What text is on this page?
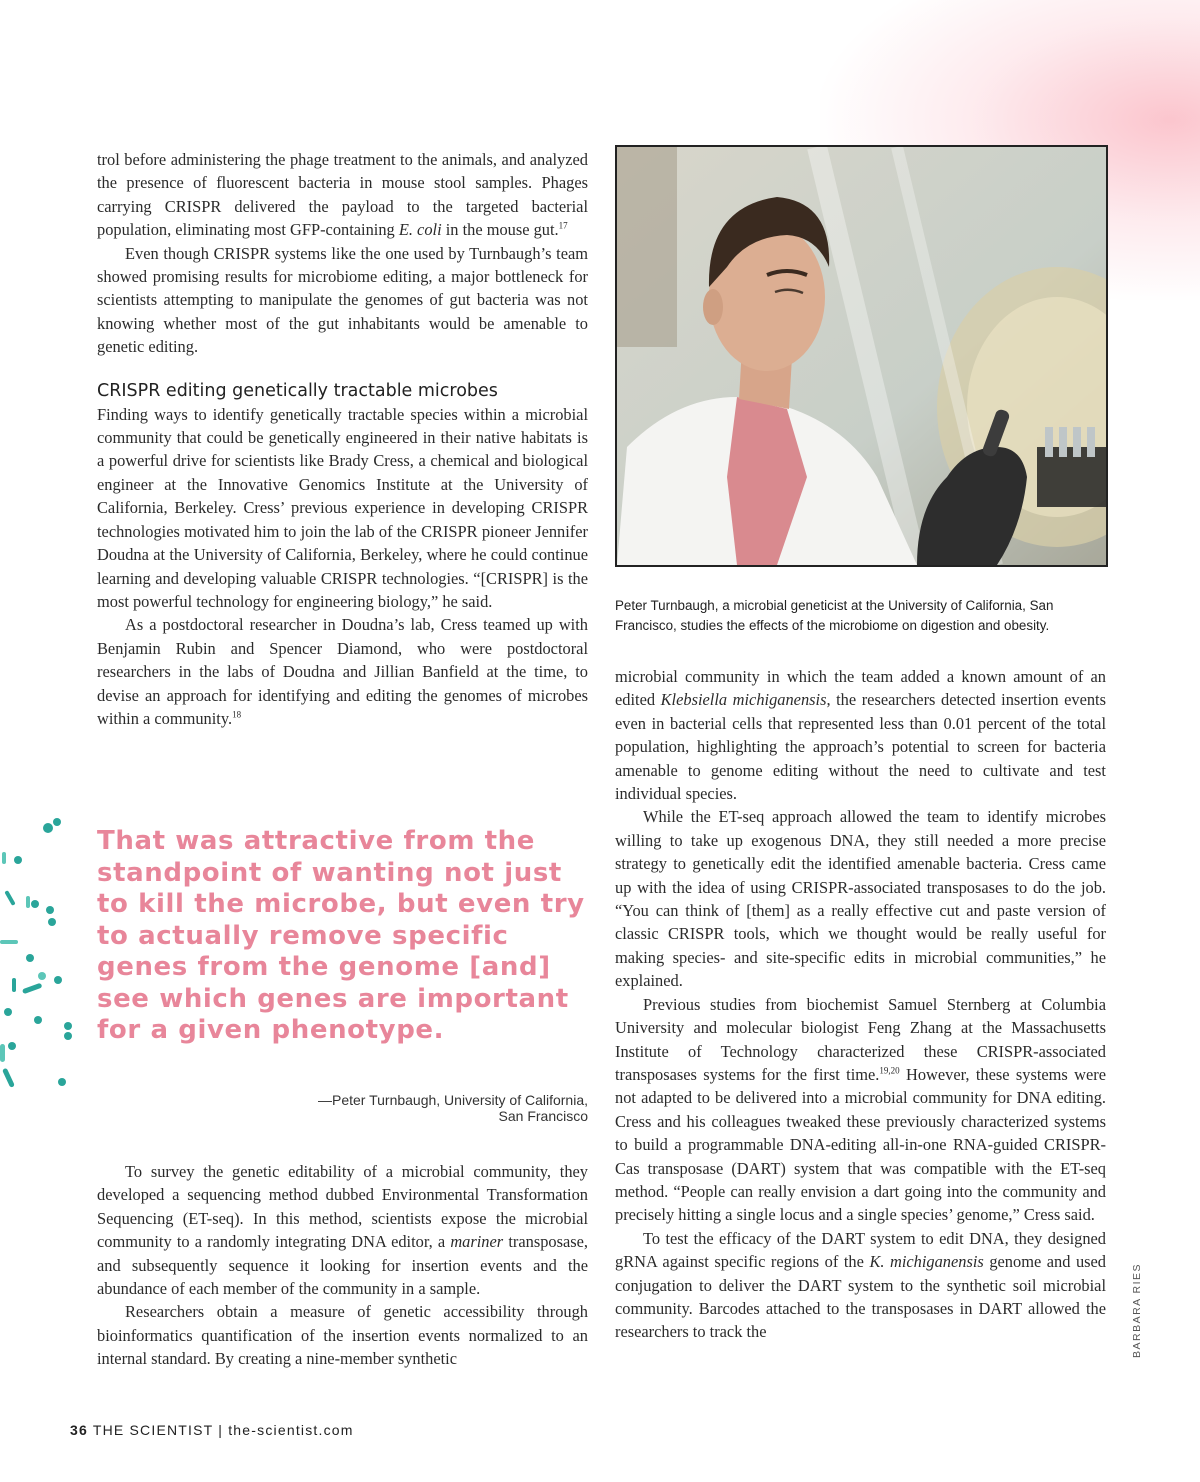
trol before administering the phage treatment to the animals, and analyzed the presence of fluorescent bacteria in mouse stool samples. Phages carrying CRISPR delivered the payload to the targeted bacterial population, eliminating most GFP-containing E. coli in the mouse gut.$^{17}$

Even though CRISPR systems like the one used by Turnbaugh’s team showed promising results for microbiome editing, a major bottleneck for scientists attempting to manipulate the genomes of gut bacteria was not knowing whether most of the gut inhabitants would be amenable to genetic editing.

CRISPR editing genetically tractable microbes

Finding ways to identify genetically tractable species within a microbial community that could be genetically engineered in their native habitats is a powerful drive for scientists like Brady Cress, a chemical and biological engineer at the Innovative Genomics Institute at the University of California, Berkeley. Cress’ previous experience in developing CRISPR technologies motivated him to join the lab of the CRISPR pioneer Jennifer Doudna at the University of California, Berkeley, where he could continue learning and developing valuable CRISPR technologies. “[CRISPR] is the most powerful technology for engineering biology,” he said.

As a postdoctoral researcher in Doudna’s lab, Cress teamed up with Benjamin Rubin and Spencer Diamond, who were postdoctoral researchers in the labs of Doudna and Jillian Banfield at the time, to devise an approach for identifying and editing the genomes of microbes within a community.$^{18}$

That was attractive from the standpoint of wanting not just to kill the microbe, but even try to actually remove specific genes from the genome [and] see which genes are important for a given phenotype.
—Peter Turnbaugh, University of California, San Francisco

To survey the genetic editability of a microbial community, they developed a sequencing method dubbed Environmental Transformation Sequencing (ET-seq). In this method, scientists expose the microbial community to a randomly integrating DNA editor, a mariner transposase, and subsequently sequence it looking for insertion events and the abundance of each member of the community in a sample.

Researchers obtain a measure of genetic accessibility through bioinformatics quantification of the insertion events normalized to an internal standard. By creating a nine-member synthetic

Peter Turnbaugh, a microbial geneticist at the University of California, San Francisco, studies the effects of the microbiome on digestion and obesity.

microbial community in which the team added a known amount of an edited Klebsiella michiganensis, the researchers detected insertion events even in bacterial cells that represented less than 0.01 percent of the total population, highlighting the approach’s potential to screen for bacteria amenable to genome editing without the need to cultivate and test individual species.

While the ET-seq approach allowed the team to identify microbes willing to take up exogenous DNA, they still needed a more precise strategy to genetically edit the identified amenable bacteria. Cress came up with the idea of using CRISPR-associated transposases to do the job. “You can think of [them] as a really effective cut and paste version of classic CRISPR tools, which we thought would be really useful for making species- and site-specific edits in microbial communities,” he explained.

Previous studies from biochemist Samuel Sternberg at Columbia University and molecular biologist Feng Zhang at the Massachusetts Institute of Technology characterized these CRISPR-associated transposases systems for the first time.$^{19,20}$ However, these systems were not adapted to be delivered into a microbial community for DNA editing. Cress and his colleagues tweaked these previously characterized systems to build a programmable DNA-editing all-in-one RNA-guided CRISPR-Cas transposase (DART) system that was compatible with the ET-seq method. “People can really envision a dart going into the community and precisely hitting a single locus and a single species’ genome,” Cress said.

To test the efficacy of the DART system to edit DNA, they designed gRNA against specific regions of the K. michiganensis genome and used conjugation to deliver the DART system to the synthetic soil microbial community. Barcodes attached to the transposases in DART allowed the researchers to track the	BARBARA RIES
36 THE SCIENTIST | the-scientist.com
